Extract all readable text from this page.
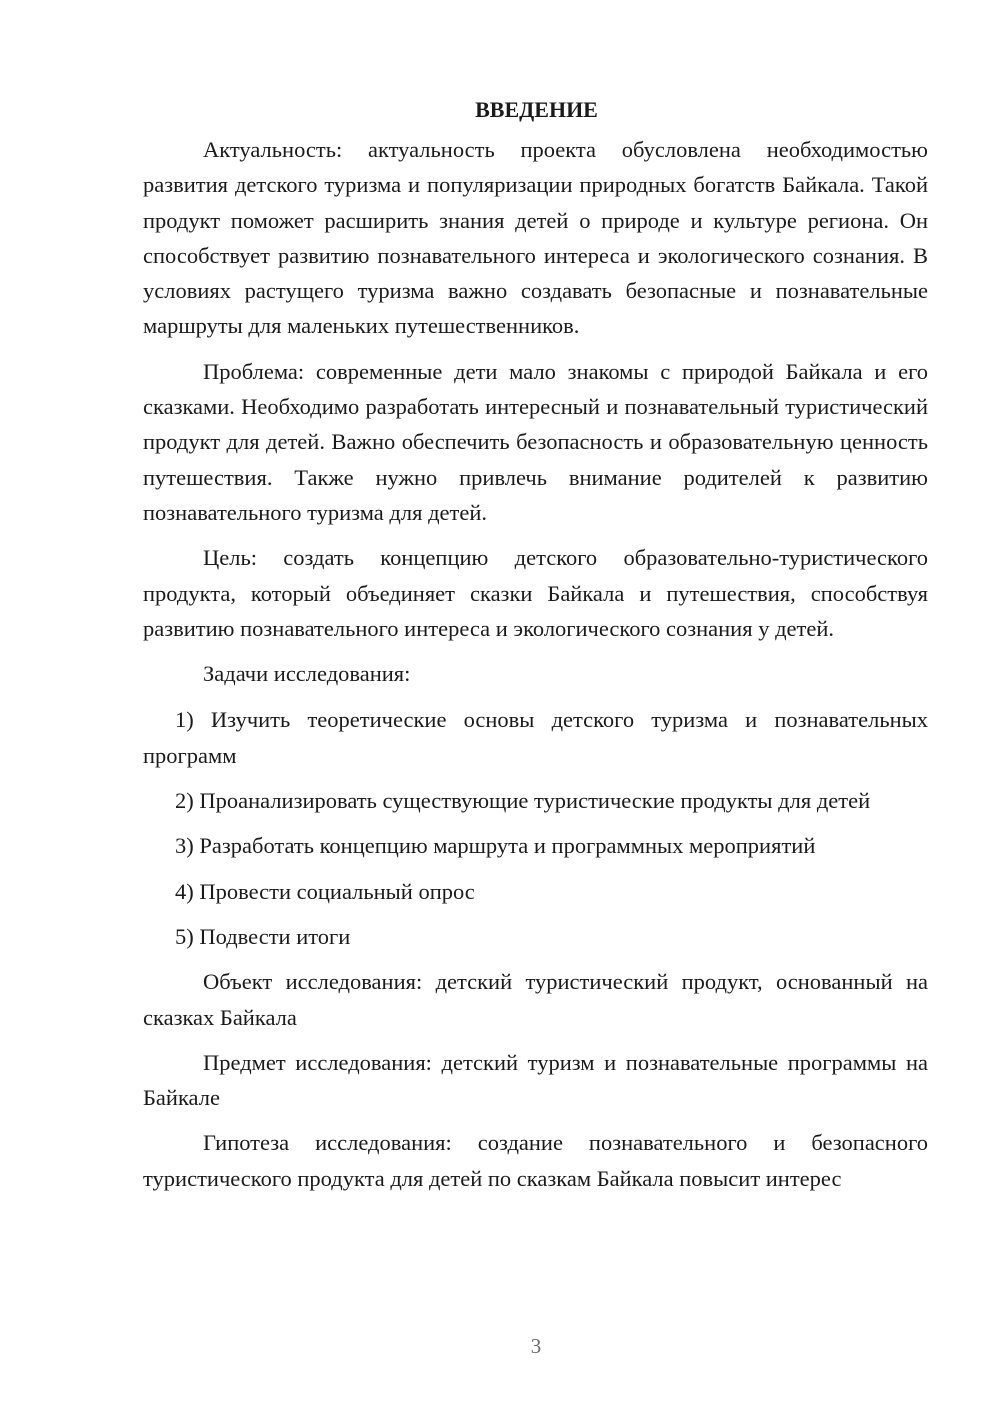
ВВЕДЕНИЕ

Актуальность: актуальность проекта обусловлена необходимостью развития детского туризма и популяризации природных богатств Байкала. Такой продукт поможет расширить знания детей о природе и культуре региона. Он способствует развитию познавательного интереса и экологического сознания. В условиях растущего туризма важно создавать безопасные и познавательные маршруты для маленьких путешественников.

Проблема: современные дети мало знакомы с природой Байкала и его сказками. Необходимо разработать интересный и познавательный туристический продукт для детей. Важно обеспечить безопасность и образовательную ценность путешествия. Также нужно привлечь внимание родителей к развитию познавательного туризма для детей.

Цель: создать концепцию детского образовательно-туристического продукта, который объединяет сказки Байкала и путешествия, способствуя развитию познавательного интереса и экологического сознания у детей.

Задачи исследования:

1) Изучить теоретические основы детского туризма и познавательных программ

2) Проанализировать существующие туристические продукты для детей

3) Разработать концепцию маршрута и программных мероприятий

4) Провести социальный опрос

5) Подвести итоги

Объект исследования: детский туристический продукт, основанный на сказках Байкала

Предмет исследования: детский туризм и познавательные программы на Байкале

Гипотеза исследования: создание познавательного и безопасного туристического продукта для детей по сказкам Байкала повысит интерес

3
